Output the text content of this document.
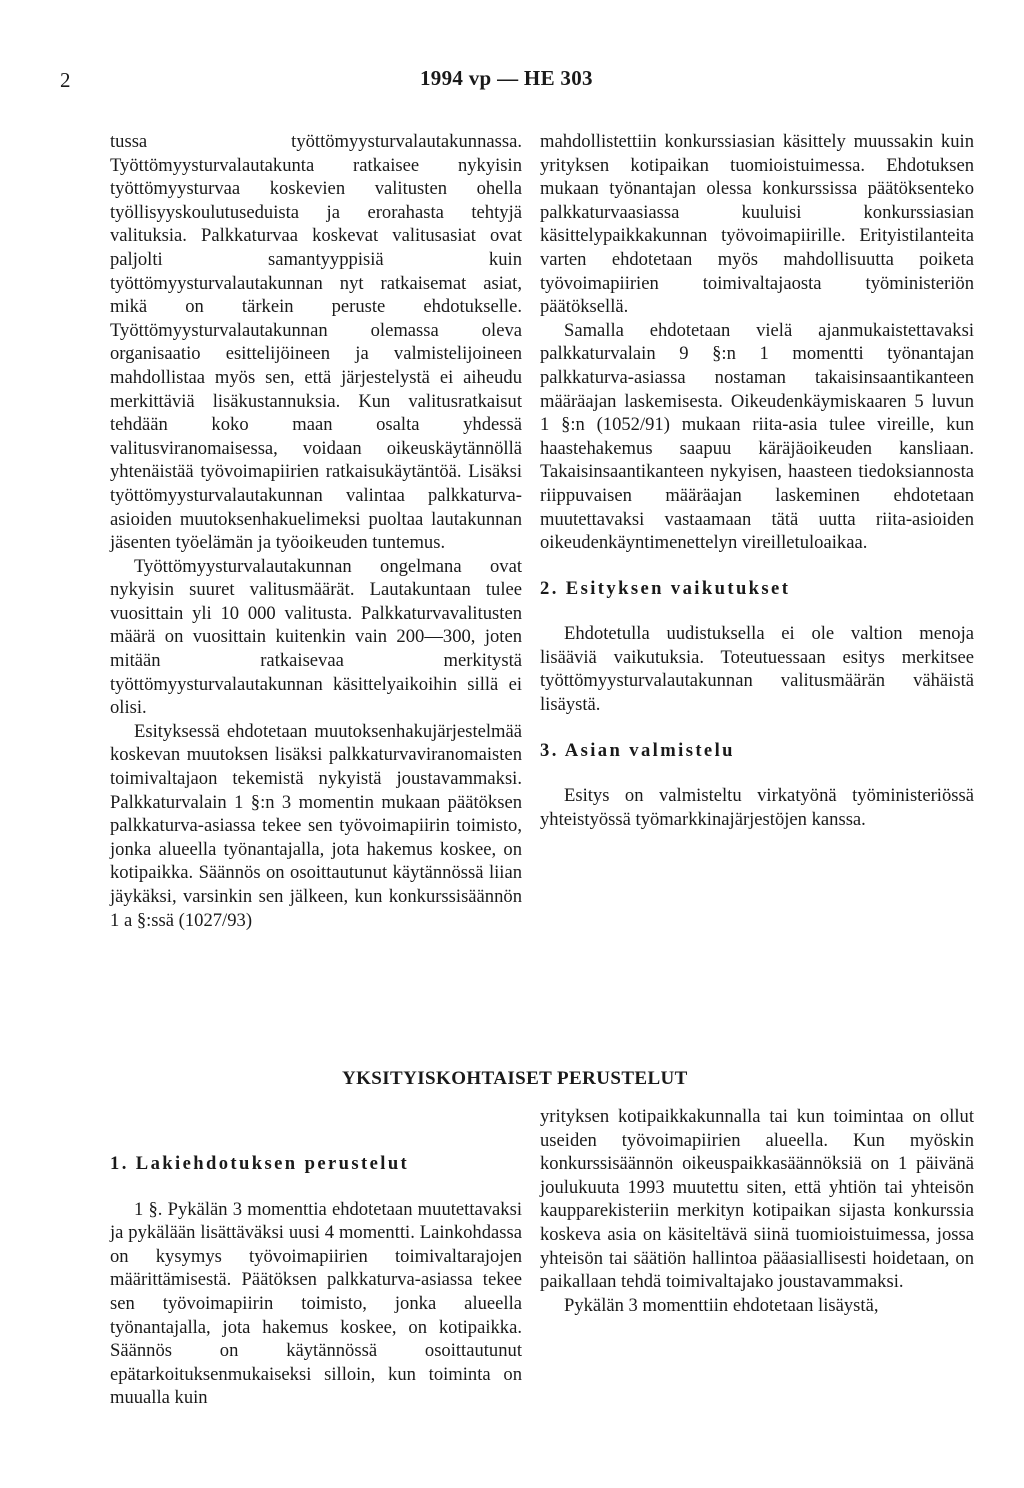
2	1994 vp — HE 303

tussa työttömyysturvalautakunnassa. Työttömyysturvalautakunta ratkaisee nykyisin työttömyysturvaa koskevien valitusten ohella työllisyyskoulutuseduista ja erorahasta tehtyjä valituksia. Palkkaturvaa koskevat valitusasiat ovat paljolti samantyyppisiä kuin työttömyysturvalautakunnan nyt ratkaisemat asiat, mikä on tärkein peruste ehdotukselle. Työttömyysturvalautakunnan olemassa oleva organisaatio esittelijöineen ja valmistelijoineen mahdollistaa myös sen, että järjestelystä ei aiheudu merkittäviä lisäkustannuksia. Kun valitusratkaisut tehdään koko maan osalta yhdessä valitusviranomaisessa, voidaan oikeuskäytännöllä yhtenäistää työvoimapiirien ratkaisukäytäntöä. Lisäksi työttömyysturvalautakunnan valintaa palkkaturva-asioiden muutoksenhakuelimeksi puoltaa lautakunnan jäsenten työelämän ja työoikeuden tuntemus.

Työttömyysturvalautakunnan ongelmana ovat nykyisin suuret valitusmäärät. Lautakuntaan tulee vuosittain yli 10 000 valitusta. Palkkaturvavalitusten määrä on vuosittain kuitenkin vain 200—300, joten mitään ratkaisevaa merkitystä työttömyysturvalautakunnan käsittelyaikoihin sillä ei olisi.

Esityksessä ehdotetaan muutoksenhakujärjestelmää koskevan muutoksen lisäksi palkkaturvaviranomaisten toimivaltajaon tekemistä nykyistä joustavammaksi. Palkkaturvalain 1 §:n 3 momentin mukaan päätöksen palkkaturva-asiassa tekee sen työvoimapiirin toimisto, jonka alueella työnantajalla, jota hakemus koskee, on kotipaikka. Säännös on osoittautunut käytännössä liian jäykäksi, varsinkin sen jälkeen, kun konkurssisäännön 1 a §:ssä (1027/93)

mahdollistettiin konkurssiasian käsittely muussakin kuin yrityksen kotipaikan tuomioistuimessa. Ehdotuksen mukaan työnantajan olessa konkurssissa päätöksenteko palkkaturvaasiassa kuuluisi konkurssiasian käsittelypaikkakunnan työvoimapiirille. Erityistilanteita varten ehdotetaan myös mahdollisuutta poiketa työvoimapiirien toimivaltajaosta työministeriön päätöksellä.

Samalla ehdotetaan vielä ajanmukaistettavaksi palkkaturvalain 9 §:n 1 momentti työnantajan palkkaturva-asiassa nostaman takaisinsaantikanteen määräajan laskemisesta. Oikeudenkäymiskaaren 5 luvun 1 §:n (1052/91) mukaan riita-asia tulee vireille, kun haastehakemus saapuu käräjäoikeuden kansliaan. Takaisinsaantikanteen nykyisen, haasteen tiedoksiannosta riippuvaisen määräajan laskeminen ehdotetaan muutettavaksi vastaamaan tätä uutta riita-asioiden oikeudenkäyntimenettelyn vireilletuloaikaa.

2. Esityksen vaikutukset

Ehdotetulla uudistuksella ei ole valtion menoja lisääviä vaikutuksia. Toteutuessaan esitys merkitsee työttömyysturvalautakunnan valitusmäärän vähäistä lisäystä.

3. Asian valmistelu

Esitys on valmisteltu virkatyönä työministeriössä yhteistyössä työmarkkinajärjestöjen kanssa.

YKSITYISKOHTAISET PERUSTELUT
1. Lakiehdotuksen perustelut

1 §. Pykälän 3 momenttia ehdotetaan muutettavaksi ja pykälään lisättäväksi uusi 4 momentti. Lainkohdassa on kysymys työvoimapiirien toimivaltarajojen määrittämisestä. Päätöksen palkkaturva-asiassa tekee sen työvoimapiirin toimisto, jonka alueella työnantajalla, jota hakemus koskee, on kotipaikka. Säännös on käytännössä osoittautunut epätarkoituksenmukaiseksi silloin, kun toiminta on muualla kuin

yrityksen kotipaikkakunnalla tai kun toimintaa on ollut useiden työvoimapiirien alueella. Kun myöskin konkurssisäännön oikeuspaikkasäännöksiä on 1 päivänä joulukuuta 1993 muutettu siten, että yhtiön tai yhteisön kaupparekisteriin merkityn kotipaikan sijasta konkurssia koskeva asia on käsiteltävä siinä tuomioistuimessa, jossa yhteisön tai säätiön hallintoa pääasiallisesti hoidetaan, on paikallaan tehdä toimivaltajako joustavammaksi.

Pykälän 3 momenttiin ehdotetaan lisäystä,
